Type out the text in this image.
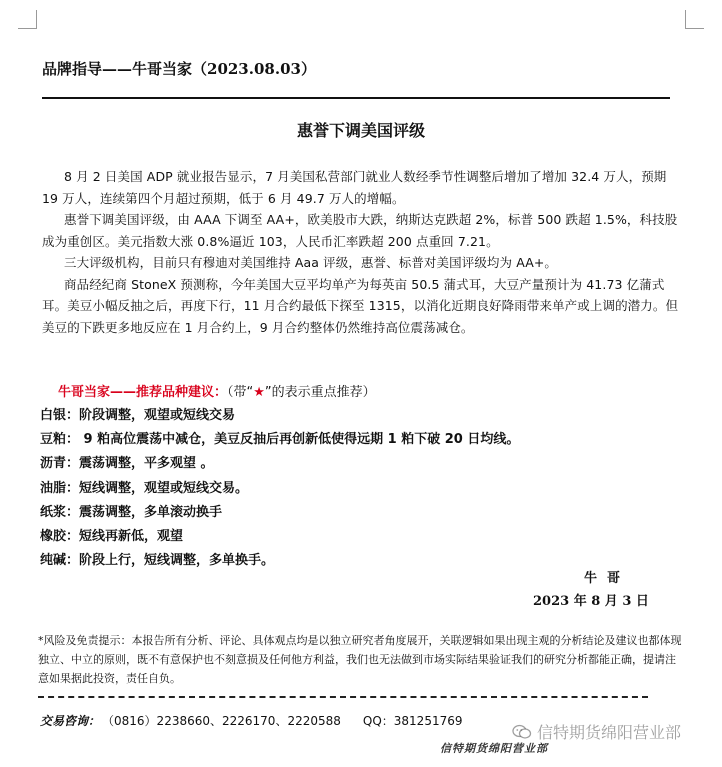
品牌指导——牛哥当家（2023.08.03）
惠誉下调美国评级

8 月 2 日美国 ADP 就业报告显示，7 月美国私营部门就业人数经季节性调整后增加了增加 32.4 万人，预期 19 万人，连续第四个月超过预期，低于 6 月 49.7 万人的增幅。

惠誉下调美国评级，由 AAA 下调至 AA+，欧美股市大跌，纳斯达克跌超 2%，标普 500 跌超 1.5%，科技股成为重创区。美元指数大涨 0.8%逼近 103，人民币汇率跌超 200 点重回 7.21。

三大评级机构，目前只有穆迪对美国维持 Aaa 评级，惠誉、标普对美国评级均为 AA+。

商品经纪商 StoneX 预测称，今年美国大豆平均单产为每英亩 50.5 蒲式耳，大豆产量预计为 41.73 亿蒲式耳。美豆小幅反抽之后，再度下行，11 月合约最低下探至 1315，以消化近期良好降雨带来单产或上调的潜力。但美豆的下跌更多地反应在 1 月合约上，9 月合约整体仍然维持高位震荡减仓。

牛哥当家——推荐品种建议：（带“★”的表示重点推荐）
白银：阶段调整，观望或短线交易
豆粕： 9 粕高位震荡中减仓，美豆反抽后再创新低使得远期 1 粕下破 20 日均线。
沥青：震荡调整，平多观望 。
油脂：短线调整，观望或短线交易。
纸浆：震荡调整，多单滚动换手
橡胶：短线再新低，观望
纯碱：阶段上行，短线调整，多单换手。
牛哥
2023 年 8 月 3 日
*风险及免责提示：本报告所有分析、评论、具体观点均是以独立研究者角度展开，关联逻辑如果出现主观的分析结论及建议也都体现独立、中立的原则，既不有意保护也不刻意损及任何他方利益，我们也无法做到市场实际结果验证我们的研究分析都能正确，提请注意如果据此投资，责任自负。
交易咨询： （0816）2238660、2226170、2220588 QQ：381251769
信特期货绵阳营业部
信特期货绵阳营业部
